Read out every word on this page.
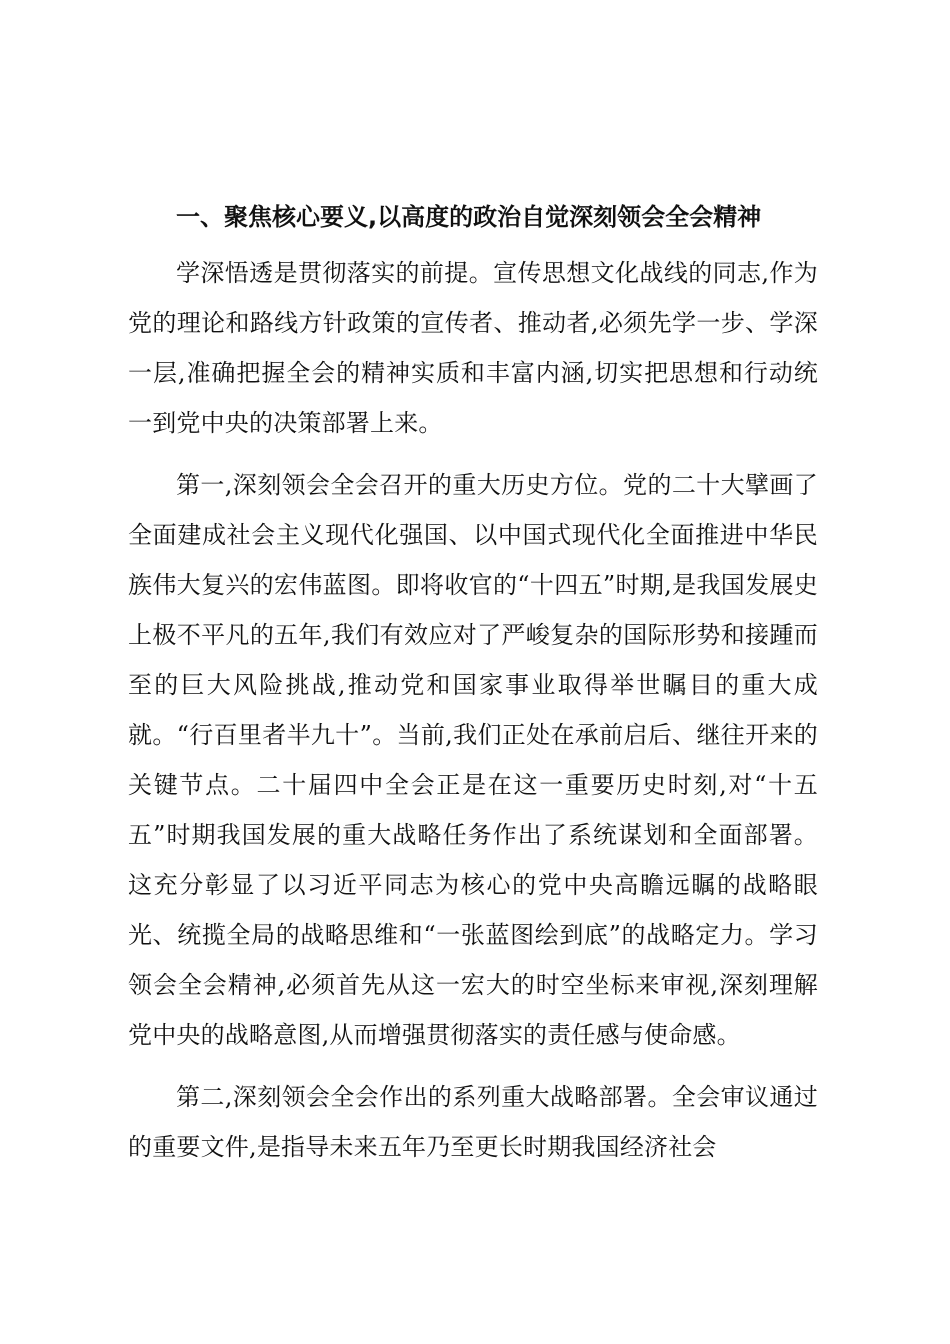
一、聚焦核心要义,以高度的政治自觉深刻领会全会精神

学深悟透是贯彻落实的前提。宣传思想文化战线的同志,作为党的理论和路线方针政策的宣传者、推动者,必须先学一步、学深一层,准确把握全会的精神实质和丰富内涵,切实把思想和行动统一到党中央的决策部署上来。

第一,深刻领会全会召开的重大历史方位。党的二十大擘画了全面建成社会主义现代化强国、以中国式现代化全面推进中华民族伟大复兴的宏伟蓝图。即将收官的“十四五”时期,是我国发展史上极不平凡的五年,我们有效应对了严峻复杂的国际形势和接踵而至的巨大风险挑战,推动党和国家事业取得举世瞩目的重大成就。“行百里者半九十”。当前,我们正处在承前启后、继往开来的关键节点。二十届四中全会正是在这一重要历史时刻,对“十五五”时期我国发展的重大战略任务作出了系统谋划和全面部署。这充分彰显了以习近平同志为核心的党中央高瞻远瞩的战略眼光、统揽全局的战略思维和“一张蓝图绘到底”的战略定力。学习领会全会精神,必须首先从这一宏大的时空坐标来审视,深刻理解党中央的战略意图,从而增强贯彻落实的责任感与使命感。

第二,深刻领会全会作出的系列重大战略部署。全会审议通过的重要文件,是指导未来五年乃至更长时期我国经济社会
